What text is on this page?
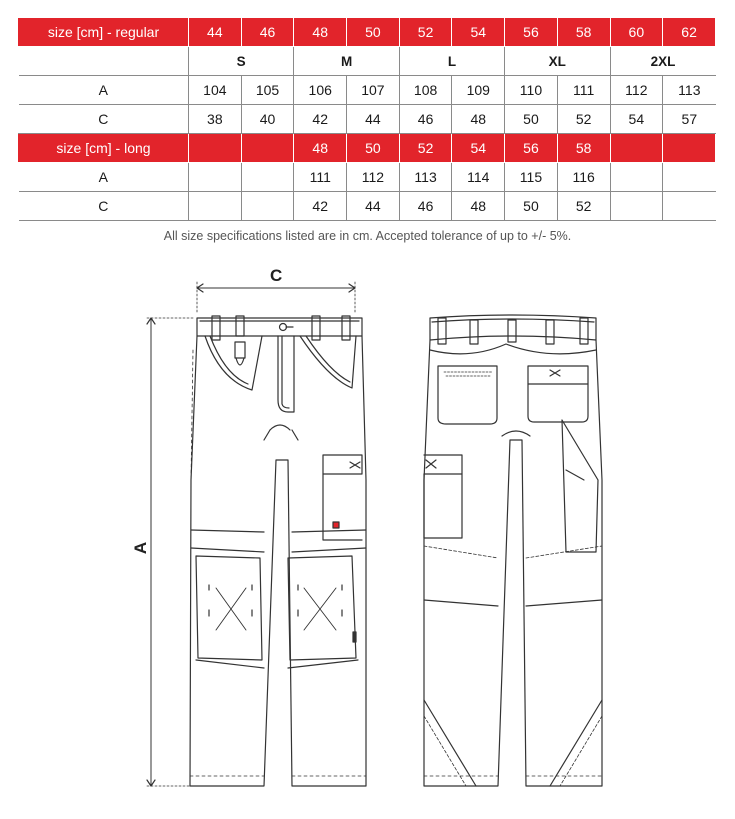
size [cm] - regular	44	46	48	50	52	54	56	58	60	62
	S		M		L		XL		2XL	
A	104	105	106	107	108	109	110	111	112	113
C	38	40	42	44	46	48	50	52	54	57
size [cm] - long			48	50	52	54	56	58		
A			111	112	113	114	115	116		
C			42	44	46	48	50	52		
All size specifications listed are in cm. Accepted tolerance of up to +/- 5%.
C
A
